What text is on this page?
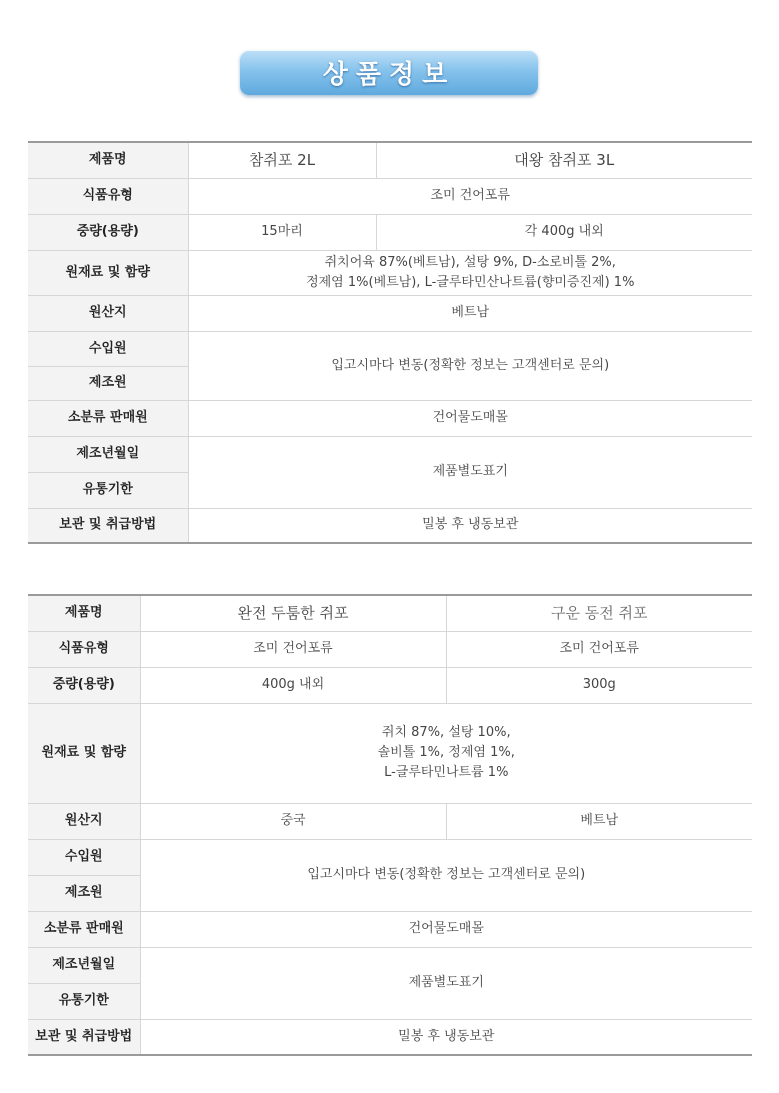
상품정보
제품명	참쥐포 2L	대왕 참쥐포 3L
식품유형	조미 건어포류	
중량(용량)	15마리	각 400g 내외
원재료 및 함량	쥐치어육 87%(베트남), 설탕 9%, D-소로비톨 2%,
정제염 1%(베트남), L-글루타민산나트륨(향미증진제) 1%	

원산지	베트남	
수입원	입고시마다 변동(정확한 정보는 고객센터로 문의)	
제조원		
소분류 판매원	건어물도매몰	
제조년월일	제품별도표기	
유통기한		
보관 및 취급방법	밀봉 후 냉동보관	
제품명	완전 두툼한 쥐포	구운 동전 쥐포
식품유형	조미 건어포류	조미 건어포류
중량(용량)	400g 내외	300g
원재료 및 함량	쥐치 87%, 설탕 10%,
솔비톨 1%, 정제염 1%,
L-글루타민나트륨 1%	

원산지	중국	베트남
수입원	입고시마다 변동(정확한 정보는 고객센터로 문의)	
제조원		
소분류 판매원	건어물도매몰	
제조년월일	제품별도표기	
유통기한		
보관 및 취급방법	밀봉 후 냉동보관	
